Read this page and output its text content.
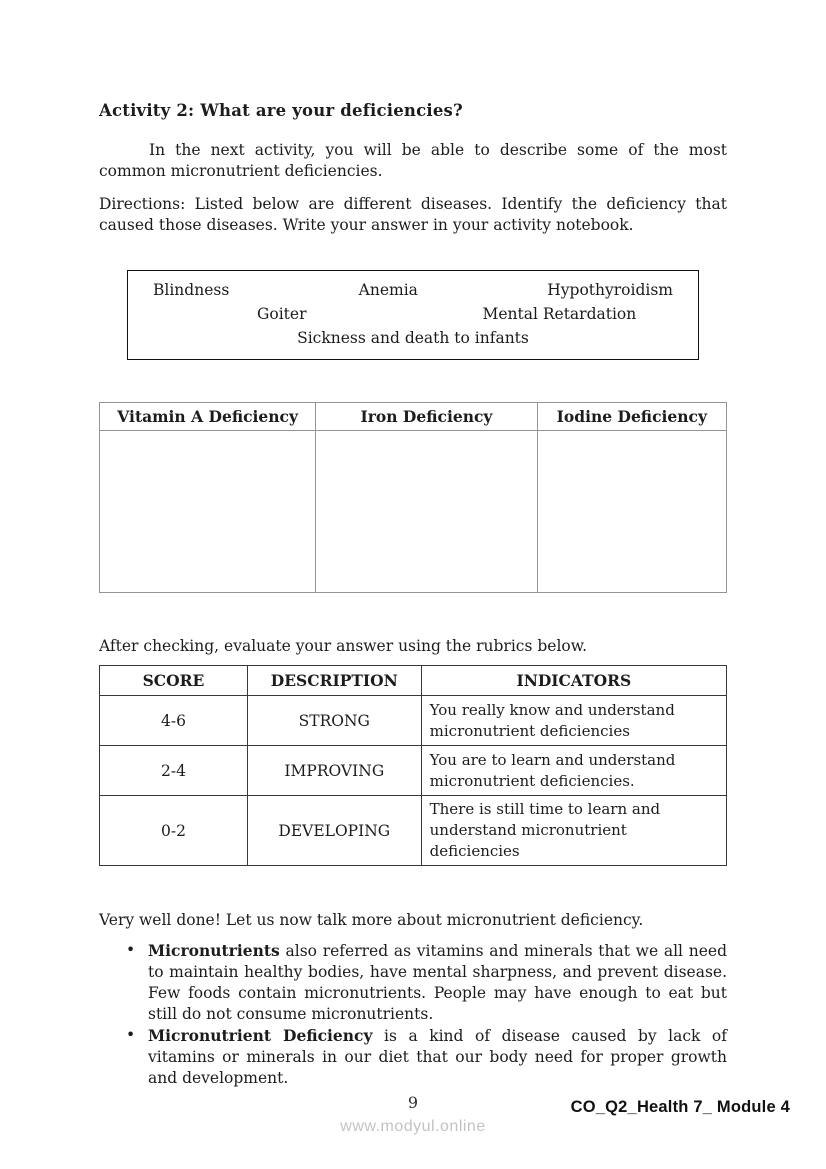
Activity 2: What are your deficiencies?

In the next activity, you will be able to describe some of the most common micronutrient deficiencies.

Directions: Listed below are different diseases. Identify the deficiency that caused those diseases. Write your answer in your activity notebook.

Blindness	Anemia	Hypothyroidism
Goiter	Mental Retardation
Sickness and death to infants
Vitamin A Deficiency	Iron Deficiency	Iodine Deficiency

After checking, evaluate your answer using the rubrics below.

SCORE	DESCRIPTION	INDICATORS
4-6	STRONG	You really know and understand micronutrient deficiencies
2-4	IMPROVING	You are to learn and understand micronutrient deficiencies.
0-2	DEVELOPING	There is still time to learn and understand micronutrient deficiencies

Very well done! Let us now talk more about micronutrient deficiency.

• Micronutrients also referred as vitamins and minerals that we all need to maintain healthy bodies, have mental sharpness, and prevent disease. Few foods contain micronutrients. People may have enough to eat but still do not consume micronutrients.
• Micronutrient Deficiency is a kind of disease caused by lack of vitamins or minerals in our diet that our body need for proper growth and development.
9
www.modyul.online
CO_Q2_Health 7_ Module 4
